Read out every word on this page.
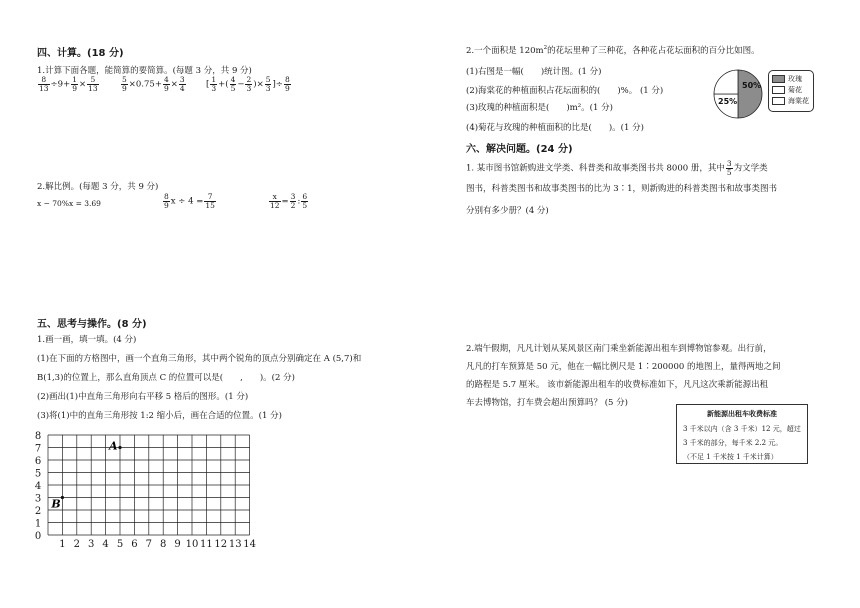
四、计算。(18 分)
1.计算下面各题，能简算的要简算。(每题 3 分，共 9 分)
$\frac{8}{13} \div 9+ \frac{1}{9} \times \frac{5}{13}$	$\frac{5}{9} \times 0.75+ \frac{4}{9} \times \frac{3}{4}$ [ $\frac{1}{3}$ +( $\frac{4}{5} - \frac{2}{3}$ )× $\frac{5}{3}$ ]÷ $\frac{8}{9}$
2.解比例。(每题 3 分，共 9 分)
x − 70%x = 3.69	$\frac{8}{9}$ $x \div 4 = \frac{7}{15}$	$\frac{x}{12} = \frac{3}{2}$ : $\frac{6}{5}$
五、思考与操作。(8 分)
1.画一画，填一填。(4 分)
(1)在下面的方格图中，画一个直角三角形，其中两个锐角的顶点分别确定在 A (5,7)和
B(1,3)的位置上，那么直角顶点 C 的位置可以是(　　,　　)。(2 分)
(2)画出(1)中直角三角形向右平移 5 格后的图形。(1 分)
(3)将(1)中的直角三角形按 1:2 缩小后，画在合适的位置。(1 分)
8
7
6
5
4
3
2
1
0
1 2 3 4 5 6 7 8 9 10 11 12 13 14
A
B
2.一个面积是 $120m^2$的花坛里种了三种花，各种花占花坛面积的百分比如图。
(1)右图是一幅(　　)统计图。(1 分)
(2)海棠花的种植面积占花坛面积的(　　)%。 (1 分)
(3)玫瑰的种植面积是(　　)m²。(1 分)
(4)菊花与玫瑰的种植面积的比是(　　)。(1 分)
50%
25%
玫瑰
菊花
海棠花
六、解决问题。(24 分)
1. 某市图书馆新购进文学类、科普类和故事类图书共 8000 册，其中 $\frac{3}{5}$ 为文学类
图书，科普类图书和故事类图书的比为 3∶1，则新购进的科普类图书和故事类图书
分别有多少册？(4 分)
2.端午假期，凡凡计划从某风景区南门乘坐新能源出租车到博物馆参观。出行前，
凡凡的打车预算是 50 元，他在一幅比例尺是 1∶200000 的地图上，量得两地之间
的路程是 5.7 厘米。 该市新能源出租车的收费标准如下，凡凡这次乘新能源出租
车去博物馆，打车费会超出预算吗？ (5 分)
新能源出租车收费标准
3 千米以内（含 3 千米）12 元，超过
3 千米的部分，每千米 2.2 元。
（不足 1 千米按 1 千米计算）
